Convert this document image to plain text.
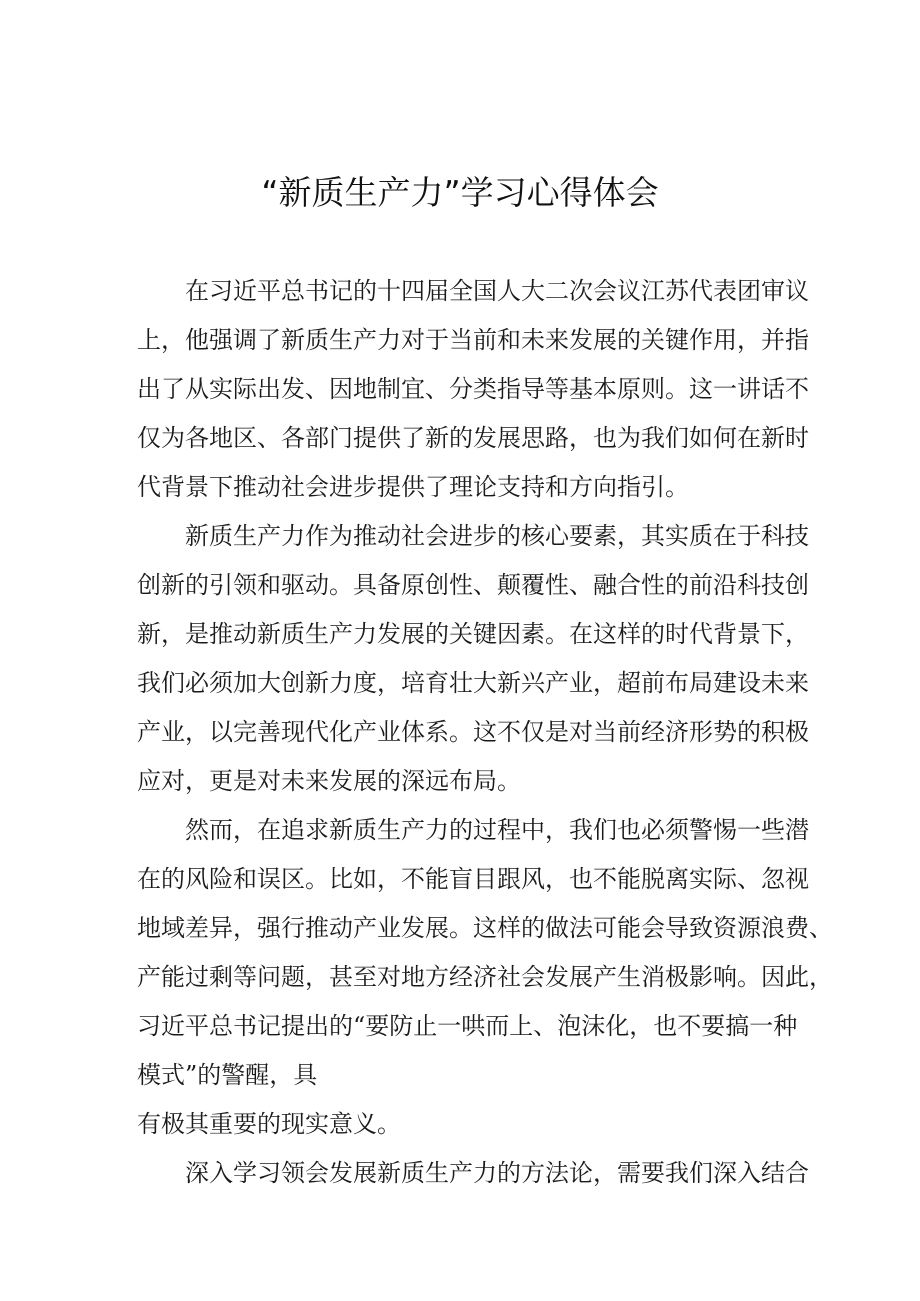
“新质生产力”学习心得体会
在习近平总书记的十四届全国人大二次会议江苏代表团审议
上，他强调了新质生产力对于当前和未来发展的关键作用，并指
出了从实际出发、因地制宜、分类指导等基本原则。这一讲话不
仅为各地区、各部门提供了新的发展思路，也为我们如何在新时
代背景下推动社会进步提供了理论支持和方向指引。
新质生产力作为推动社会进步的核心要素，其实质在于科技
创新的引领和驱动。具备原创性、颠覆性、融合性的前沿科技创
新，是推动新质生产力发展的关键因素。在这样的时代背景下，
我们必须加大创新力度，培育壮大新兴产业，超前布局建设未来
产业，以完善现代化产业体系。这不仅是对当前经济形势的积极
应对，更是对未来发展的深远布局。
然而，在追求新质生产力的过程中，我们也必须警惕一些潜
在的风险和误区。比如，不能盲目跟风，也不能脱离实际、忽视
地域差异，强行推动产业发展。这样的做法可能会导致资源浪费、
产能过剩等问题，甚至对地方经济社会发展产生消极影响。因此，
习近平总书记提出的“要防止一哄而上、泡沫化，也不要搞一种
模式”的警醒，具
有极其重要的现实意义。
深入学习领会发展新质生产力的方法论，需要我们深入结合
